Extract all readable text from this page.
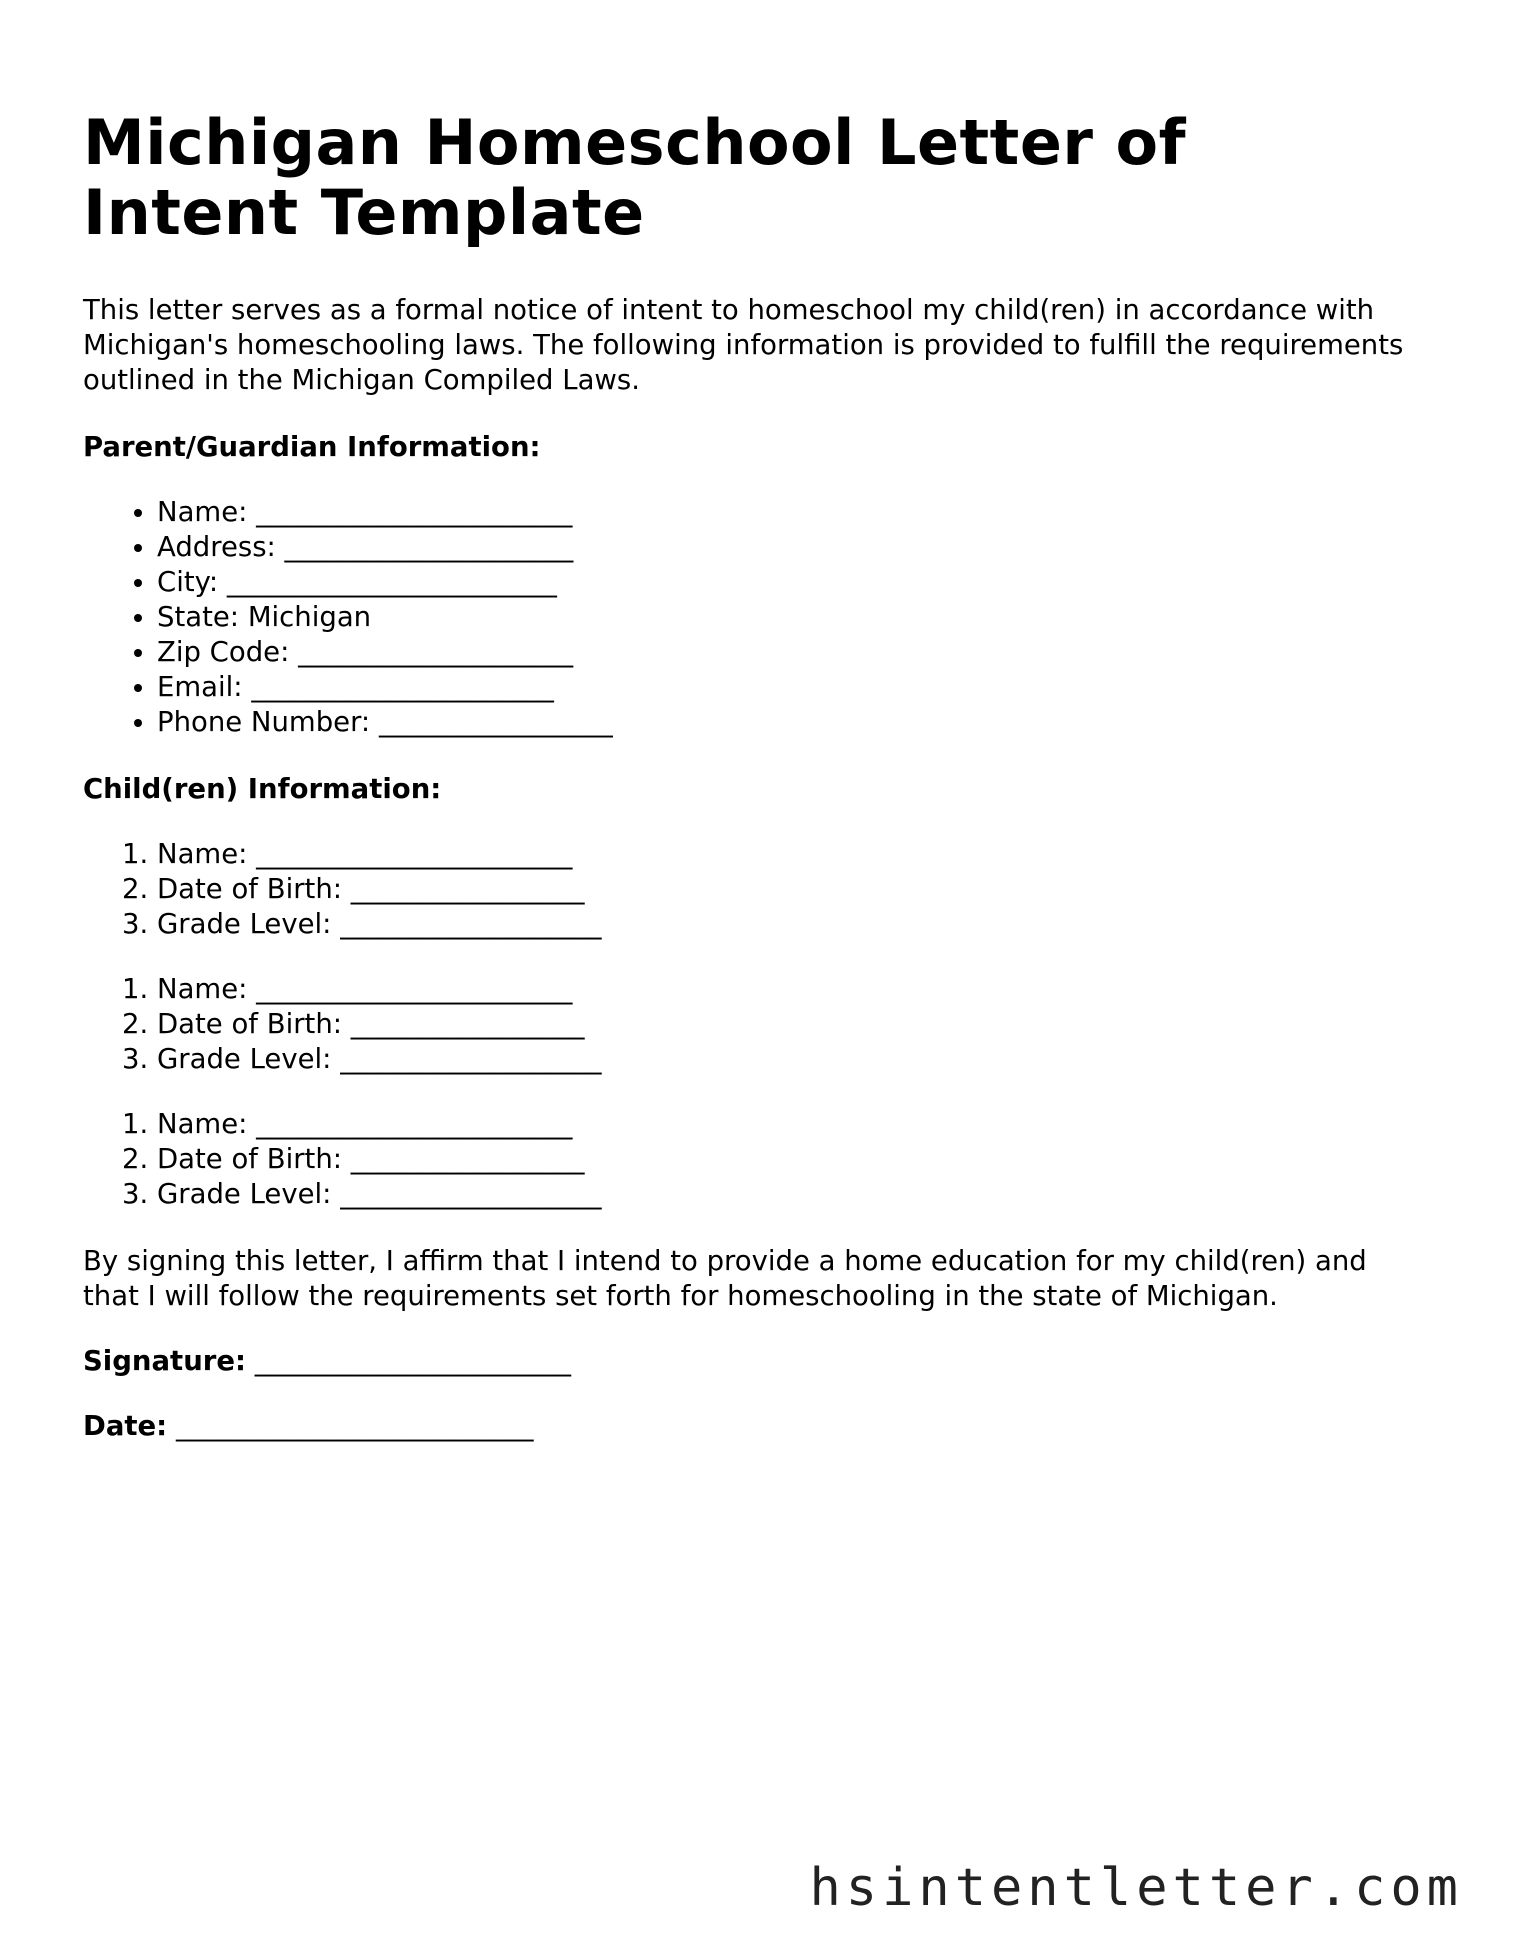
Michigan Homeschool Letter of Intent Template

This letter serves as a formal notice of intent to homeschool my child(ren) in accordance with Michigan's homeschooling laws. The following information is provided to fulfill the requirements outlined in the Michigan Compiled Laws.

Parent/Guardian Information:

• Name: _______________________
• Address: _____________________
• City: ________________________
• State: Michigan
• Zip Code: ____________________
• Email: ______________________
• Phone Number: _________________

Child(ren) Information:

1. Name: _______________________
2. Date of Birth: _________________
3. Grade Level: ___________________
1. Name: _______________________
2. Date of Birth: _________________
3. Grade Level: ___________________
1. Name: _______________________
2. Date of Birth: _________________
3. Grade Level: ___________________

By signing this letter, I affirm that I intend to provide a home education for my child(ren) and that I will follow the requirements set forth for homeschooling in the state of Michigan.

Signature: _______________________

Date: __________________________

hsintentletter.com
